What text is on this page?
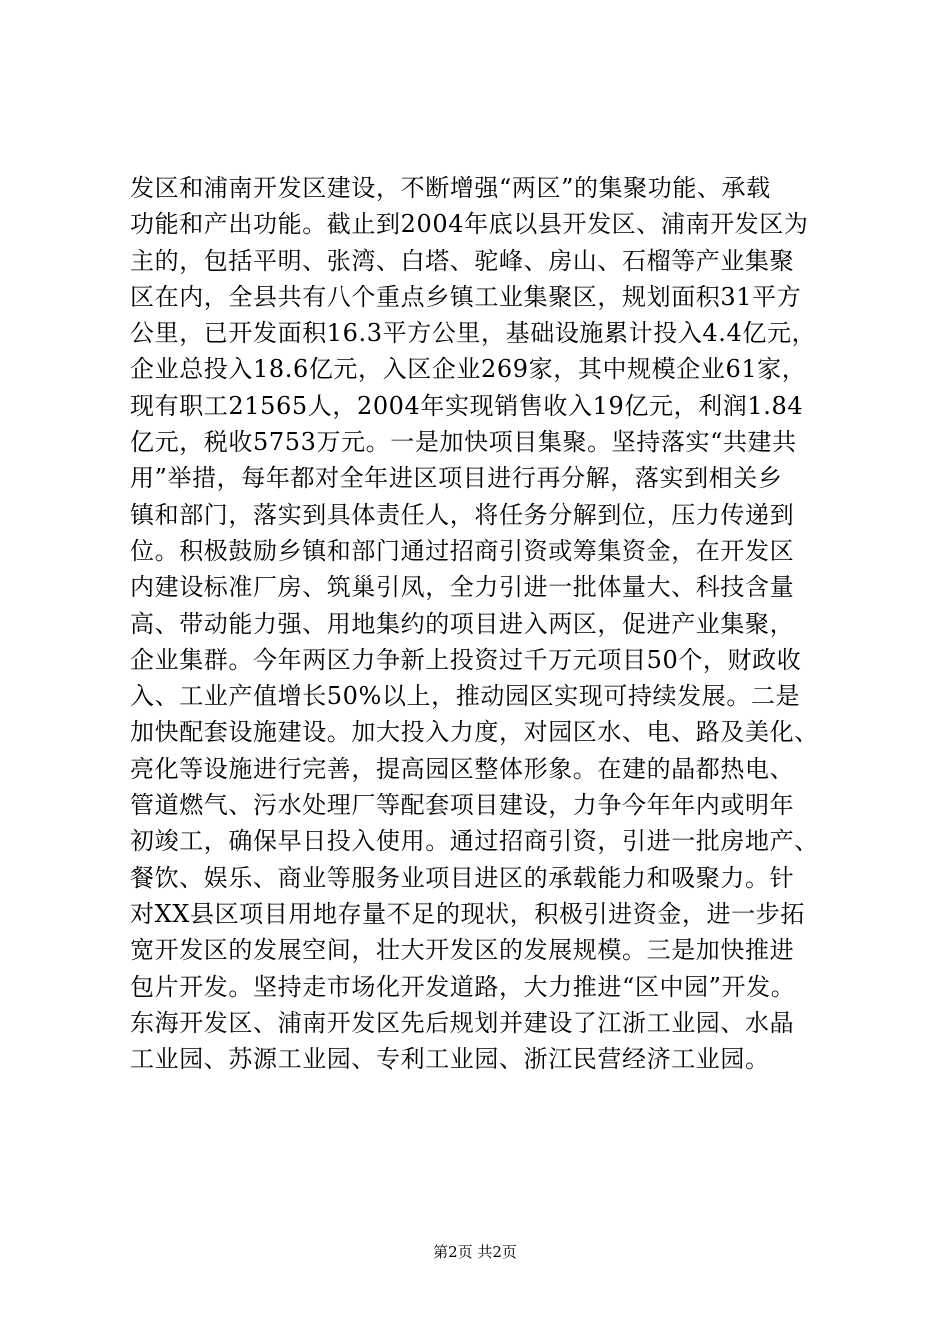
发区和浦南开发区建设，不断增强“两区”的集聚功能、承载
功能和产出功能。截止到2004年底以县开发区、浦南开发区为
主的，包括平明、张湾、白塔、驼峰、房山、石榴等产业集聚
区在内，全县共有八个重点乡镇工业集聚区，规划面积31平方
公里，已开发面积16.3平方公里，基础设施累计投入4.4亿元，
企业总投入18.6亿元，入区企业269家，其中规模企业61家，
现有职工21565人，2004年实现销售收入19亿元，利润1.84
亿元，税收5753万元。一是加快项目集聚。坚持落实“共建共
用”举措，每年都对全年进区项目进行再分解，落实到相关乡
镇和部门，落实到具体责任人，将任务分解到位，压力传递到
位。积极鼓励乡镇和部门通过招商引资或筹集资金，在开发区
内建设标准厂房、筑巢引凤，全力引进一批体量大、科技含量
高、带动能力强、用地集约的项目进入两区，促进产业集聚，
企业集群。今年两区力争新上投资过千万元项目50个，财政收
入、工业产值增长50%以上，推动园区实现可持续发展。二是
加快配套设施建设。加大投入力度，对园区水、电、路及美化、
亮化等设施进行完善，提高园区整体形象。在建的晶都热电、
管道燃气、污水处理厂等配套项目建设，力争今年年内或明年
初竣工，确保早日投入使用。通过招商引资，引进一批房地产、
餐饮、娱乐、商业等服务业项目进区的承载能力和吸聚力。针
对XX县区项目用地存量不足的现状，积极引进资金，进一步拓
宽开发区的发展空间，壮大开发区的发展规模。三是加快推进
包片开发。坚持走市场化开发道路，大力推进“区中园”开发。
东海开发区、浦南开发区先后规划并建设了江浙工业园、水晶
工业园、苏源工业园、专利工业园、浙江民营经济工业园。
第2页 共2页
